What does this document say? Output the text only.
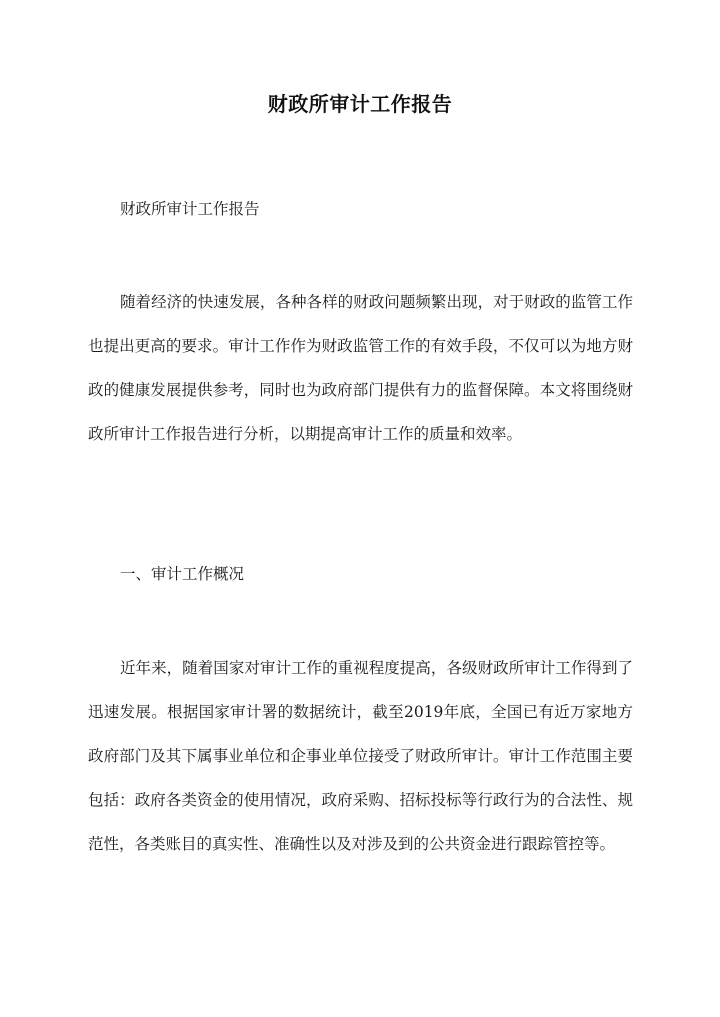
财政所审计工作报告
财政所审计工作报告
随着经济的快速发展，各种各样的财政问题频繁出现，对于财政的监管工作也提出更高的要求。审计工作作为财政监管工作的有效手段，不仅可以为地方财政的健康发展提供参考，同时也为政府部门提供有力的监督保障。本文将围绕财政所审计工作报告进行分析，以期提高审计工作的质量和效率。
一、审计工作概况
近年来，随着国家对审计工作的重视程度提高，各级财政所审计工作得到了迅速发展。根据国家审计署的数据统计，截至2019年底，全国已有近万家地方政府部门及其下属事业单位和企事业单位接受了财政所审计。审计工作范围主要包括：政府各类资金的使用情况，政府采购、招标投标等行政行为的合法性、规范性，各类账目的真实性、准确性以及对涉及到的公共资金进行跟踪管控等。
